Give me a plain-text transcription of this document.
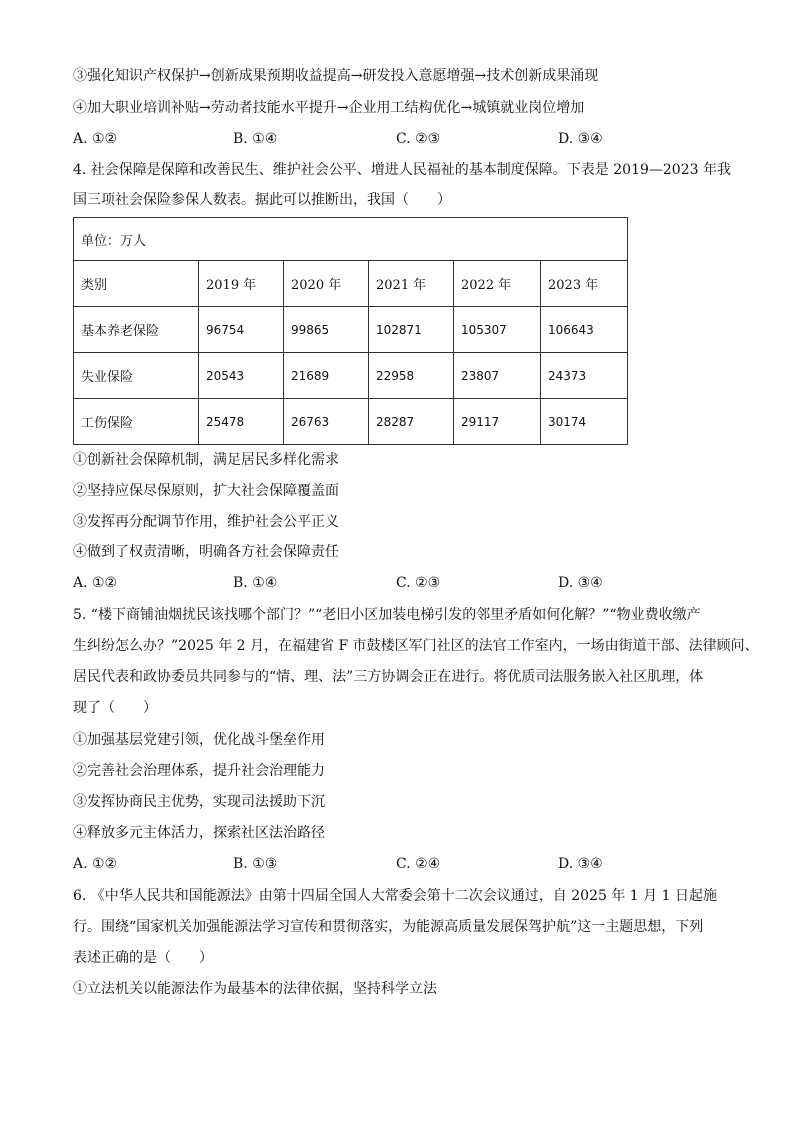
③强化知识产权保护→创新成果预期收益提高→研发投入意愿增强→技术创新成果涌现
④加大职业培训补贴→劳动者技能水平提升→企业用工结构优化→城镇就业岗位增加
A. ①②	B. ①④	C. ②③	D. ③④
4. 社会保障是保障和改善民生、维护社会公平、增进人民福祉的基本制度保障。下表是 2019—2023 年我
国三项社会保险参保人数表。据此可以推断出，我国（　　）
单位：万人					
类别	2019 年	2020 年	2021 年	2022 年	2023 年
基本养老保险	96754	99865	102871	105307	106643
失业保险	20543	21689	22958	23807	24373
工伤保险	25478	26763	28287	29117	30174
①创新社会保障机制，满足居民多样化需求
②坚持应保尽保原则，扩大社会保障覆盖面
③发挥再分配调节作用，维护社会公平正义
④做到了权责清晰，明确各方社会保障责任
A. ①②	B. ①④	C. ②③	D. ③④
5. “楼下商铺油烟扰民该找哪个部门？”“老旧小区加装电梯引发的邻里矛盾如何化解？”“物业费收缴产
生纠纷怎么办？”2025 年 2 月，在福建省 F 市鼓楼区军门社区的法官工作室内，一场由街道干部、法律顾问、
居民代表和政协委员共同参与的“情、理、法”三方协调会正在进行。将优质司法服务嵌入社区肌理，体
现了（　　）
①加强基层党建引领，优化战斗堡垒作用
②完善社会治理体系，提升社会治理能力
③发挥协商民主优势，实现司法援助下沉
④释放多元主体活力，探索社区法治路径
A. ①②	B. ①③	C. ②④	D. ③④
6. 《中华人民共和国能源法》由第十四届全国人大常委会第十二次会议通过，自 2025 年 1 月 1 日起施
行。围绕“国家机关加强能源法学习宣传和贯彻落实，为能源高质量发展保驾护航”这一主题思想，下列
表述正确的是（　　）
①立法机关以能源法作为最基本的法律依据，坚持科学立法
